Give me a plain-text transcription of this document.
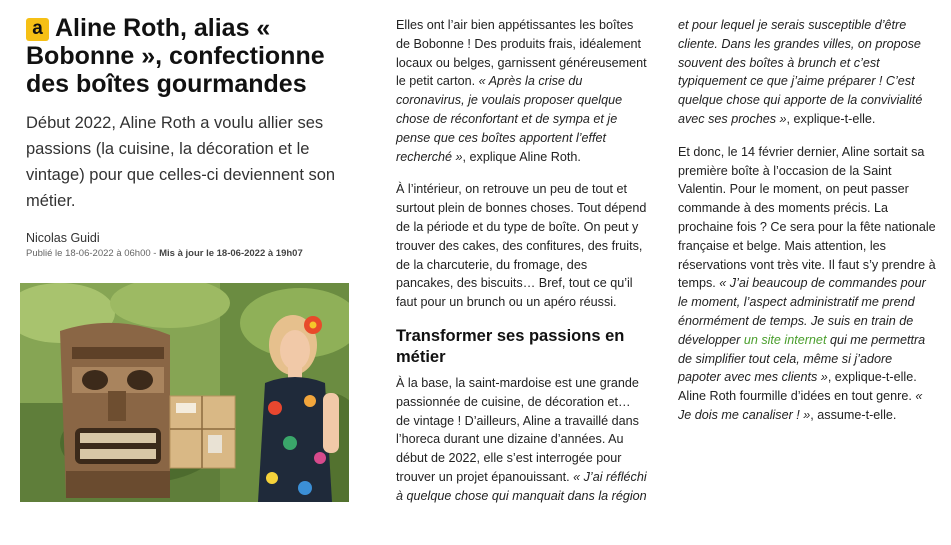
a Aline Roth, alias « Bobonne », confectionne des boîtes gourmandes

Début 2022, Aline Roth a voulu allier ses passions (la cuisine, la décoration et le vintage) pour que celles-ci deviennent son métier.

Nicolas Guidi
Publié le 18-06-2022 à 06h00 - Mis à jour le 18-06-2022 à 19h07

Elles ont l’air bien appétissantes les boîtes de Bobonne ! Des produits frais, idéalement locaux ou belges, garnissent généreusement le petit carton. « Après la crise du coronavirus, je voulais proposer quelque chose de réconfortant et de sympa et je pense que ces boîtes apportent l’effet recherché », explique Aline Roth.

À l’intérieur, on retrouve un peu de tout et surtout plein de bonnes choses. Tout dépend de la période et du type de boîte. On peut y trouver des cakes, des confitures, des fruits, de la charcuterie, du fromage, des pancakes, des biscuits… Bref, tout ce qu’il faut pour un brunch ou un apéro réussi.

Transformer ses passions en métier

À la base, la saint-mardoise est une grande passionnée de cuisine, de décoration et… de vintage ! D’ailleurs, Aline a travaillé dans l’horeca durant une dizaine d’années. Au début de 2022, elle s’est interrogée pour trouver un projet épanouissant. « J’ai réfléchi à quelque chose qui manquait dans la région

et pour lequel je serais susceptible d’être cliente. Dans les grandes villes, on propose souvent des boîtes à brunch et c’est typiquement ce que j’aime préparer ! C’est quelque chose qui apporte de la convivialité avec ses proches », explique-t-elle.

Et donc, le 14 février dernier, Aline sortait sa première boîte à l’occasion de la Saint Valentin. Pour le moment, on peut passer commande à des moments précis. La prochaine fois ? Ce sera pour la fête nationale française et belge. Mais attention, les réservations vont très vite. Il faut s’y prendre à temps. « J’ai beaucoup de commandes pour le moment, l’aspect administratif me prend énormément de temps. Je suis en train de développer un site internet qui me permettra de simplifier tout cela, même si j’adore papoter avec mes clients », explique-t-elle. Aline Roth fourmille d’idées en tout genre. « Je dois me canaliser ! », assume-t-elle.
